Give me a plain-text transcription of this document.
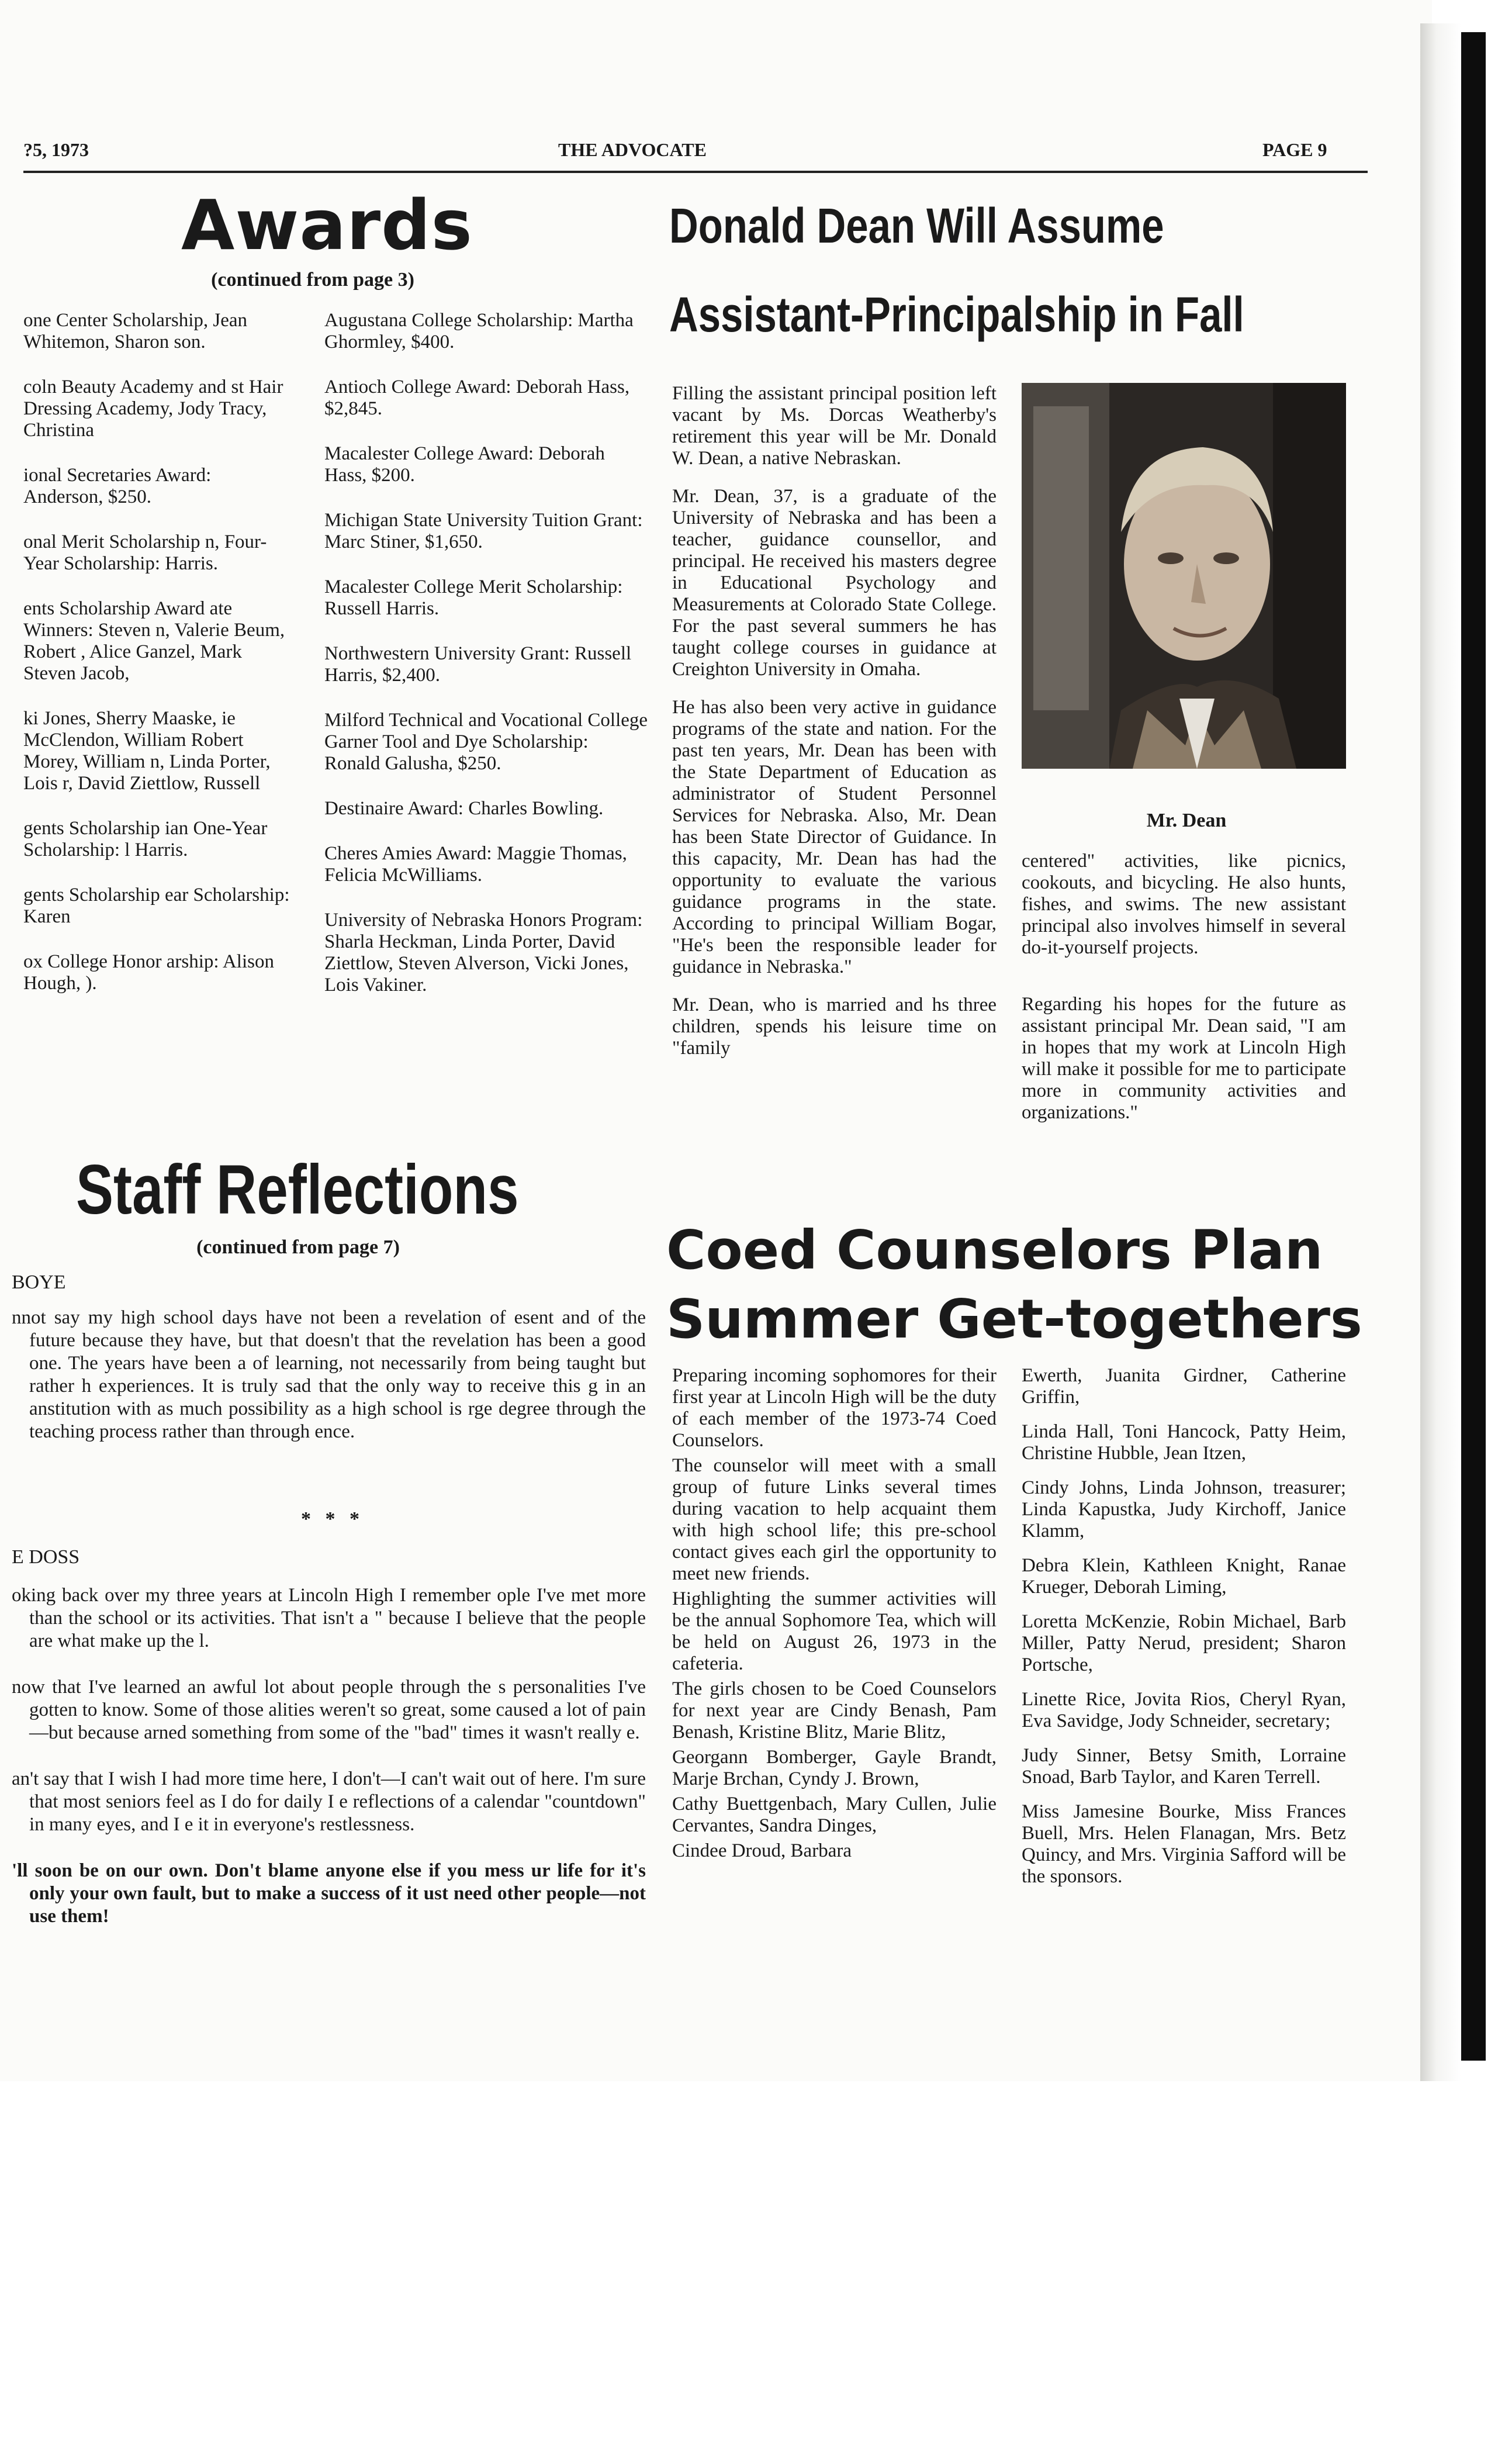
?5, 1973	THE ADVOCATE	PAGE 9
Awards
(continued from page 3)

one Center Scholarship, Jean Whitemon, Sharon son.

coln Beauty Academy and st Hair Dressing Academy, Jody Tracy, Christina

ional Secretaries Award: Anderson, $250.

onal Merit Scholarship n, Four-Year Scholarship: Harris.

ents Scholarship Award ate Winners: Steven n, Valerie Beum, Robert , Alice Ganzel, Mark Steven Jacob,

ki Jones, Sherry Maaske, ie McClendon, William Robert Morey, William n, Linda Porter, Lois r, David Ziettlow, Russell

gents Scholarship ian One-Year Scholarship: l Harris.

gents Scholarship ear Scholarship: Karen

ox College Honor arship: Alison Hough, ).

Augustana College Scholarship: Martha Ghormley, $400.

Antioch College Award: Deborah Hass, $2,845.

Macalester College Award: Deborah Hass, $200.

Michigan State University Tuition Grant: Marc Stiner, $1,650.

Macalester College Merit Scholarship: Russell Harris.

Northwestern University Grant: Russell Harris, $2,400.

Milford Technical and Vocational College Garner Tool and Dye Scholarship: Ronald Galusha, $250.

Destinaire Award: Charles Bowling.

Cheres Amies Award: Maggie Thomas, Felicia McWilliams.

University of Nebraska Honors Program: Sharla Heckman, Linda Porter, David Ziettlow, Steven Alverson, Vicki Jones, Lois Vakiner.

Donald Dean Will Assume
Assistant-Principalship in Fall

Filling the assistant principal position left vacant by Ms. Dorcas Weatherby's retirement this year will be Mr. Donald W. Dean, a native Nebraskan.

Mr. Dean, 37, is a graduate of the University of Nebraska and has been a teacher, guidance counsellor, and principal. He received his masters degree in Educational Psychology and Measurements at Colorado State College. For the past several summers he has taught college courses in guidance at Creighton University in Omaha.

He has also been very active in guidance programs of the state and nation. For the past ten years, Mr. Dean has been with the State Department of Education as administrator of Student Personnel Services for Nebraska. Also, Mr. Dean has been State Director of Guidance. In this capacity, Mr. Dean has had the opportunity to evaluate the various guidance programs in the state. According to principal William Bogar, "He's been the responsible leader for guidance in Nebraska."

Mr. Dean, who is married and hs three children, spends his leisure time on "family

Mr. Dean

centered" activities, like picnics, cookouts, and bicycling. He also hunts, fishes, and swims. The new assistant principal also involves himself in several do-it-yourself projects.

Regarding his hopes for the future as assistant principal Mr. Dean said, "I am in hopes that my work at Lincoln High will make it possible for me to participate more in community activities and organizations."

Staff Reflections
(continued from page 7)
BOYE

nnot say my high school days have not been a revelation of esent and of the future because they have, but that doesn't that the revelation has been a good one. The years have been a of learning, not necessarily from being taught but rather h experiences. It is truly sad that the only way to receive this g in an anstitution with as much possibility as a high school is rge degree through the teaching process rather than through ence.

* * *
E DOSS

oking back over my three years at Lincoln High I remember ople I've met more than the school or its activities. That isn't a " because I believe that the people are what make up the l.

now that I've learned an awful lot about people through the s personalities I've gotten to know. Some of those alities weren't so great, some caused a lot of pain—but because arned something from some of the "bad" times it wasn't really e.

an't say that I wish I had more time here, I don't—I can't wait out of here. I'm sure that most seniors feel as I do for daily I e reflections of a calendar "countdown" in many eyes, and I e it in everyone's restlessness.

'll soon be on our own. Don't blame anyone else if you mess ur life for it's only your own fault, but to make a success of it ust need other people—not use them!

Coed Counselors Plan
Summer Get-togethers

Preparing incoming sophomores for their first year at Lincoln High will be the duty of each member of the 1973-74 Coed Counselors.

The counselor will meet with a small group of future Links several times during vacation to help acquaint them with high school life; this pre-school contact gives each girl the opportunity to meet new friends.

Highlighting the summer activities will be the annual Sophomore Tea, which will be held on August 26, 1973 in the cafeteria.

The girls chosen to be Coed Counselors for next year are Cindy Benash, Pam Benash, Kristine Blitz, Marie Blitz,

Georgann Bomberger, Gayle Brandt, Marje Brchan, Cyndy J. Brown,

Cathy Buettgenbach, Mary Cullen, Julie Cervantes, Sandra Dinges,

Cindee Droud, Barbara

Ewerth, Juanita Girdner, Catherine Griffin,

Linda Hall, Toni Hancock, Patty Heim, Christine Hubble, Jean Itzen,

Cindy Johns, Linda Johnson, treasurer; Linda Kapustka, Judy Kirchoff, Janice Klamm,

Debra Klein, Kathleen Knight, Ranae Krueger, Deborah Liming,

Loretta McKenzie, Robin Michael, Barb Miller, Patty Nerud, president; Sharon Portsche,

Linette Rice, Jovita Rios, Cheryl Ryan, Eva Savidge, Jody Schneider, secretary;

Judy Sinner, Betsy Smith, Lorraine Snoad, Barb Taylor, and Karen Terrell.

Miss Jamesine Bourke, Miss Frances Buell, Mrs. Helen Flanagan, Mrs. Betz Quincy, and Mrs. Virginia Safford will be the sponsors.
